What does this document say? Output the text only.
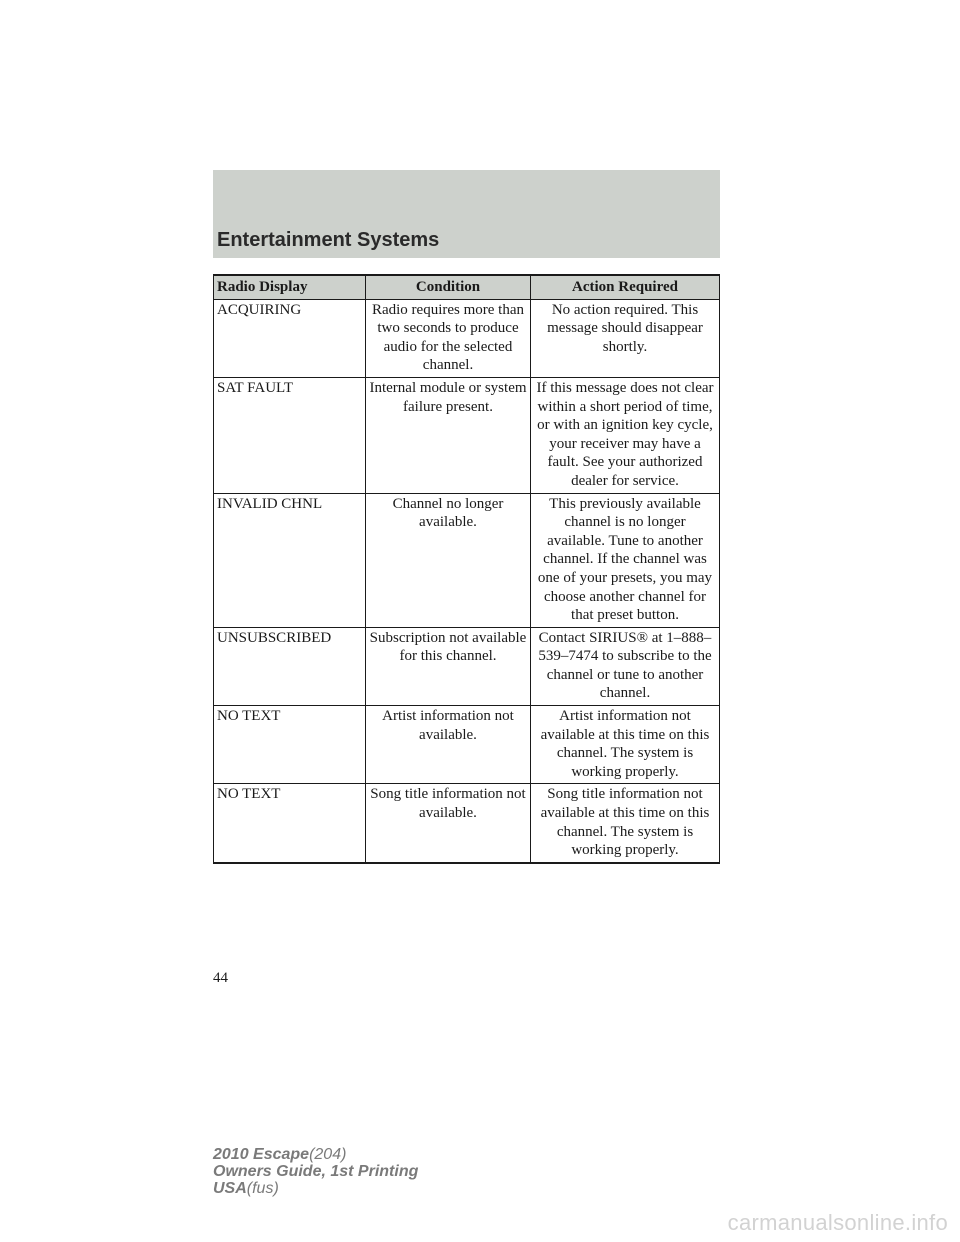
Entertainment Systems
Radio Display	Condition	Action Required
ACQUIRING	Radio requires more than two seconds to produce audio for the selected channel.	No action required. This message should disappear shortly.
SAT FAULT	Internal module or system failure present.	If this message does not clear within a short period of time, or with an ignition key cycle, your receiver may have a fault. See your authorized dealer for service.
INVALID CHNL	Channel no longer available.	This previously available channel is no longer available. Tune to another channel. If the channel was one of your presets, you may choose another channel for that preset button.
UNSUBSCRIBED	Subscription not available for this channel.	Contact SIRIUS® at 1–888–539–7474 to subscribe to the channel or tune to another channel.
NO TEXT	Artist information not available.	Artist information not available at this time on this channel. The system is working properly.
NO TEXT	Song title information not available.	Song title information not available at this time on this channel. The system is working properly.
44
2010 Escape(204)
Owners Guide, 1st Printing
USA(fus)
carmanualsonline.info
